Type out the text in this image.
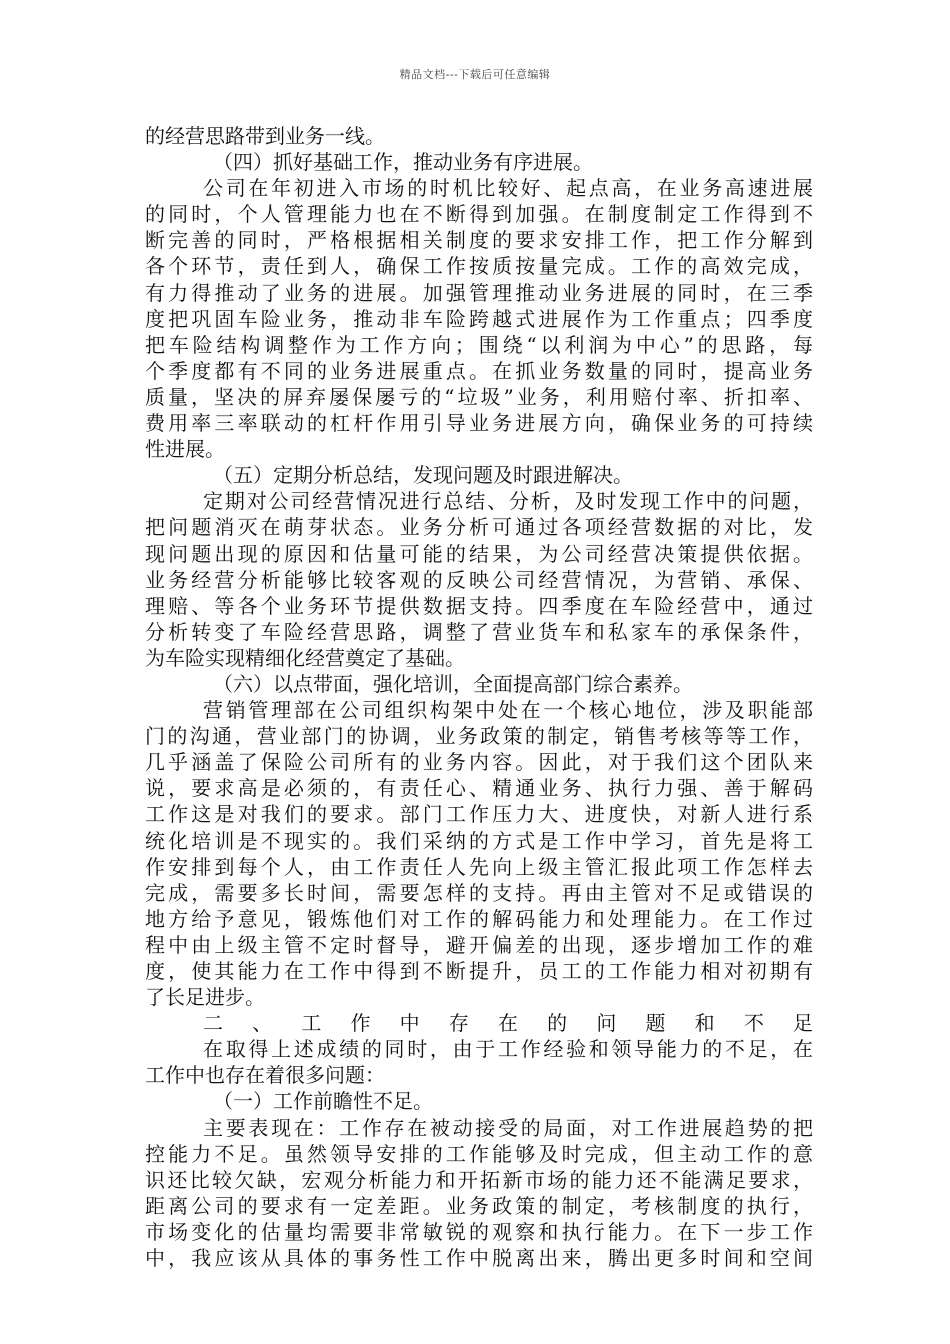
精品文档---下载后可任意编辑
的经营思路带到业务一线。
（四）抓好基础工作，推动业务有序进展。
公司在年初进入市场的时机比较好、起点高，在业务高速进展
的同时，个人管理能力也在不断得到加强。在制度制定工作得到不
断完善的同时，严格根据相关制度的要求安排工作，把工作分解到
各个环节，责任到人，确保工作按质按量完成。工作的高效完成，
有力得推动了业务的进展。加强管理推动业务进展的同时，在三季
度把巩固车险业务，推动非车险跨越式进展作为工作重点；四季度
把车险结构调整作为工作方向；围绕“以利润为中心”的思路，每
个季度都有不同的业务进展重点。在抓业务数量的同时，提高业务
质量，坚决的屏弃屡保屡亏的“垃圾”业务，利用赔付率、折扣率、
费用率三率联动的杠杆作用引导业务进展方向，确保业务的可持续
性进展。
（五）定期分析总结，发现问题及时跟进解决。
定期对公司经营情况进行总结、分析，及时发现工作中的问题，
把问题消灭在萌芽状态。业务分析可通过各项经营数据的对比，发
现问题出现的原因和估量可能的结果，为公司经营决策提供依据。
业务经营分析能够比较客观的反映公司经营情况，为营销、承保、
理赔、等各个业务环节提供数据支持。四季度在车险经营中，通过
分析转变了车险经营思路，调整了营业货车和私家车的承保条件，
为车险实现精细化经营奠定了基础。
（六）以点带面，强化培训，全面提高部门综合素养。
营销管理部在公司组织构架中处在一个核心地位，涉及职能部
门的沟通，营业部门的协调，业务政策的制定，销售考核等等工作，
几乎涵盖了保险公司所有的业务内容。因此，对于我们这个团队来
说，要求高是必须的，有责任心、精通业务、执行力强、善于解码
工作这是对我们的要求。部门工作压力大、进度快，对新人进行系
统化培训是不现实的。我们采纳的方式是工作中学习，首先是将工
作安排到每个人，由工作责任人先向上级主管汇报此项工作怎样去
完成，需要多长时间，需要怎样的支持。再由主管对不足或错误的
地方给予意见，锻炼他们对工作的解码能力和处理能力。在工作过
程中由上级主管不定时督导，避开偏差的出现，逐步增加工作的难
度，使其能力在工作中得到不断提升，员工的工作能力相对初期有
了长足进步。
二、工作中存在的问题和不足
在取得上述成绩的同时，由于工作经验和领导能力的不足，在
工作中也存在着很多问题：
（一）工作前瞻性不足。
主要表现在：工作存在被动接受的局面，对工作进展趋势的把
控能力不足。虽然领导安排的工作能够及时完成，但主动工作的意
识还比较欠缺，宏观分析能力和开拓新市场的能力还不能满足要求，
距离公司的要求有一定差距。业务政策的制定，考核制度的执行，
市场变化的估量均需要非常敏锐的观察和执行能力。在下一步工作
中，我应该从具体的事务性工作中脱离出来，腾出更多时间和空间
